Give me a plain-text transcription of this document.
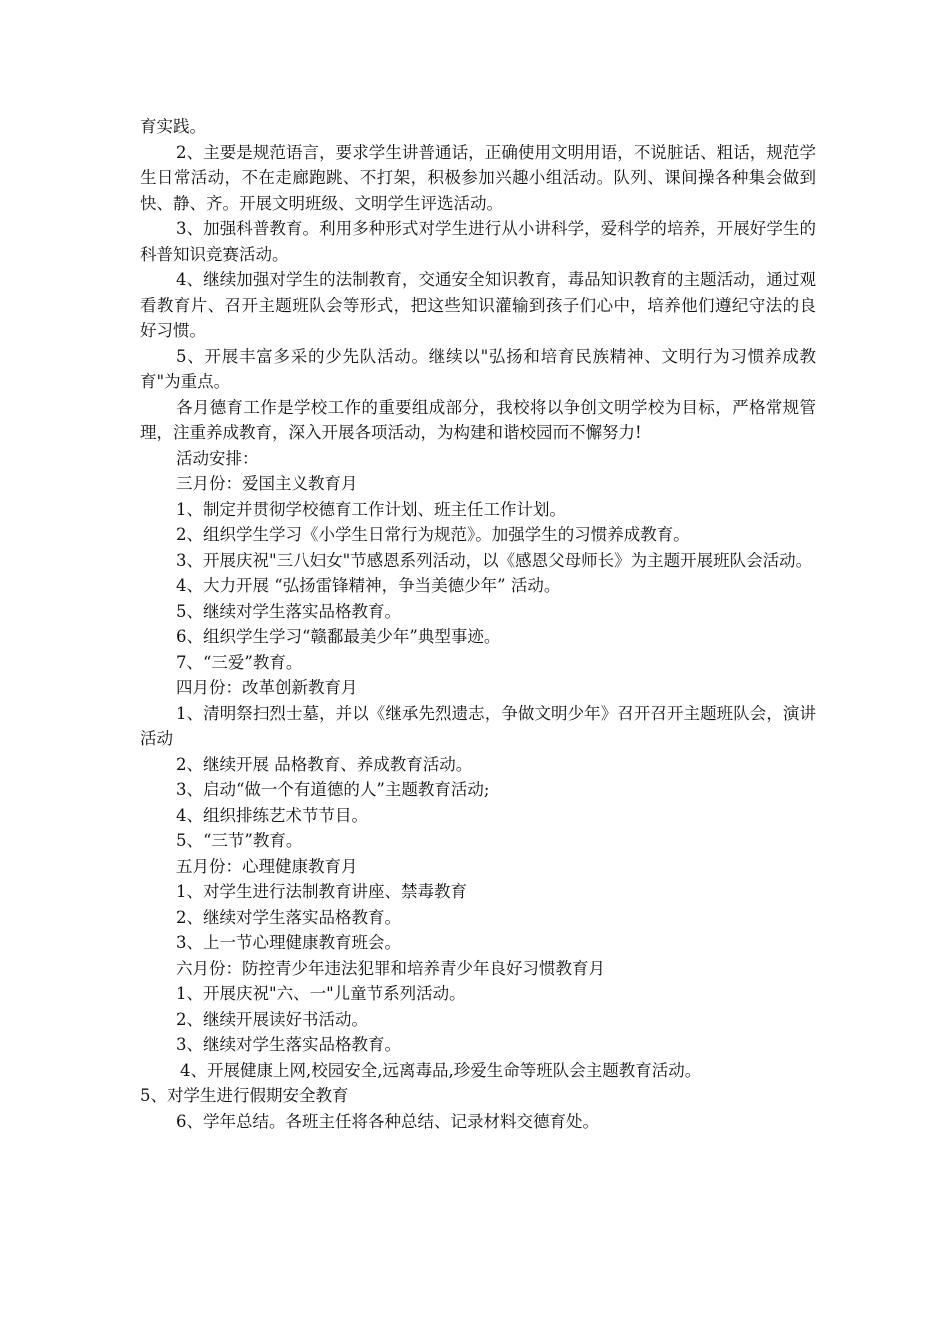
育实践。

2、主要是规范语言，要求学生讲普通话，正确使用文明用语，不说脏话、粗话，规范学生日常活动，不在走廊跑跳、不打架，积极参加兴趣小组活动。队列、课间操各种集会做到快、静、齐。开展文明班级、文明学生评选活动。

3、加强科普教育。利用多种形式对学生进行从小讲科学，爱科学的培养，开展好学生的科普知识竞赛活动。

4、继续加强对学生的法制教育，交通安全知识教育，毒品知识教育的主题活动，通过观看教育片、召开主题班队会等形式，把这些知识灌输到孩子们心中，培养他们遵纪守法的良好习惯。

5、开展丰富多采的少先队活动。继续以"弘扬和培育民族精神、文明行为习惯养成教育"为重点。

各月德育工作是学校工作的重要组成部分，我校将以争创文明学校为目标，严格常规管理，注重养成教育，深入开展各项活动，为构建和谐校园而不懈努力!

活动安排：

三月份：爱国主义教育月

1、制定并贯彻学校德育工作计划、班主任工作计划。

2、组织学生学习《小学生日常行为规范》。加强学生的习惯养成教育。

3、开展庆祝"三八妇女"节感恩系列活动，以《感恩父母师长》为主题开展班队会活动。

4、大力开展 “弘扬雷锋精神，争当美德少年” 活动。

5、继续对学生落实品格教育。

6、组织学生学习“赣鄱最美少年”典型事迹。

7、“三爱”教育。

四月份：改革创新教育月

1、清明祭扫烈士墓，并以《继承先烈遗志，争做文明少年》召开召开主题班队会，演讲活动

2、继续开展 品格教育、养成教育活动。

3、启动“做一个有道德的人”主题教育活动;

4、组织排练艺术节节目。

5、“三节”教育。

五月份：心理健康教育月

1、对学生进行法制教育讲座、禁毒教育

2、继续对学生落实品格教育。

3、上一节心理健康教育班会。

六月份：防控青少年违法犯罪和培养青少年良好习惯教育月

1、开展庆祝"六、一"儿童节系列活动。

2、继续开展读好书活动。

3、继续对学生落实品格教育。

4、开展健康上网,校园安全,远离毒品,珍爱生命等班队会主题教育活动。

5、对学生进行假期安全教育

6、学年总结。各班主任将各种总结、记录材料交德育处。
